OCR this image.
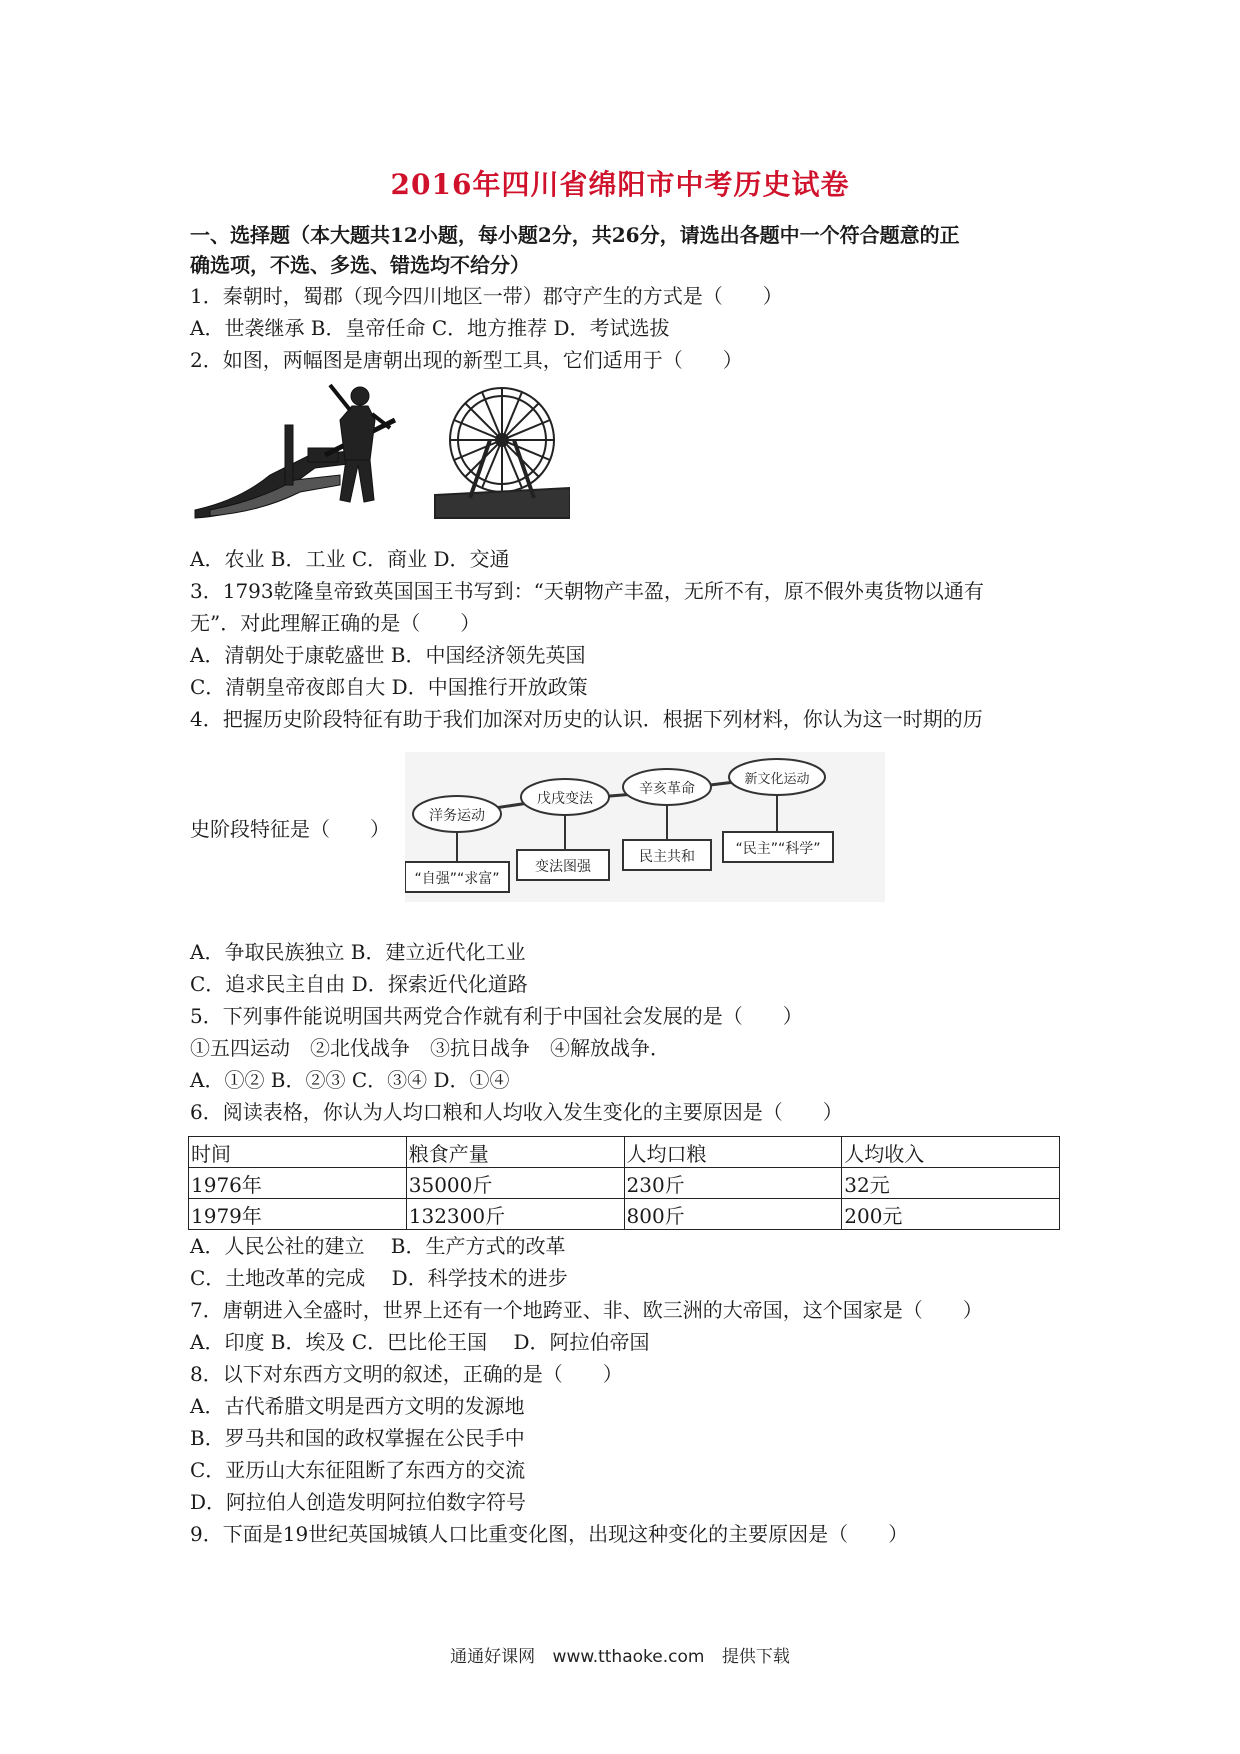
2016年四川省绵阳市中考历史试卷
一、选择题（本大题共12小题，每小题2分，共26分，请选出各题中一个符合题意的正
确选项，不选、多选、错选均不给分）
1．秦朝时，蜀郡（现今四川地区一带）郡守产生的方式是（　　）
A．世袭继承 B．皇帝任命 C．地方推荐 D．考试选拔
2．如图，两幅图是唐朝出现的新型工具，它们适用于（　　）
A．农业 B．工业 C．商业 D．交通
3．1793乾隆皇帝致英国国王书写到：“天朝物产丰盈，无所不有，原不假外夷货物以通有
无”．对此理解正确的是（　　）
A．清朝处于康乾盛世 B．中国经济领先英国
C．清朝皇帝夜郎自大 D．中国推行开放政策
4．把握历史阶段特征有助于我们加深对历史的认识．根据下列材料，你认为这一时期的历
史阶段特征是（　　）
洋务运动
戊戌变法
辛亥革命
新文化运动
“自强”“求富”
变法图强
民主共和	“民主”“科学”
A．争取民族独立 B．建立近代化工业
C．追求民主自由 D．探索近代化道路
5．下列事件能说明国共两党合作就有利于中国社会发展的是（　　）
①五四运动　②北伐战争　③抗日战争　④解放战争．
A．①② B．②③ C．③④ D．①④
6．阅读表格，你认为人均口粮和人均收入发生变化的主要原因是（　　）
时间	粮食产量	人均口粮	人均收入
1976年	35000斤	230斤	32元
1979年	132300斤	800斤	200元
A．人民公社的建立　 B．生产方式的改革
C．土地改革的完成　 D．科学技术的进步
7．唐朝进入全盛时，世界上还有一个地跨亚、非、欧三洲的大帝国，这个国家是（　　）
A．印度 B．埃及 C．巴比伦王国　 D．阿拉伯帝国
8．以下对东西方文明的叙述，正确的是（　　）
A．古代希腊文明是西方文明的发源地
B．罗马共和国的政权掌握在公民手中
C．亚历山大东征阻断了东西方的交流
D．阿拉伯人创造发明阿拉伯数字符号
9．下面是19世纪英国城镇人口比重变化图，出现这种变化的主要原因是（　　）
通通好课网 www.tthaoke.com 提供下载
